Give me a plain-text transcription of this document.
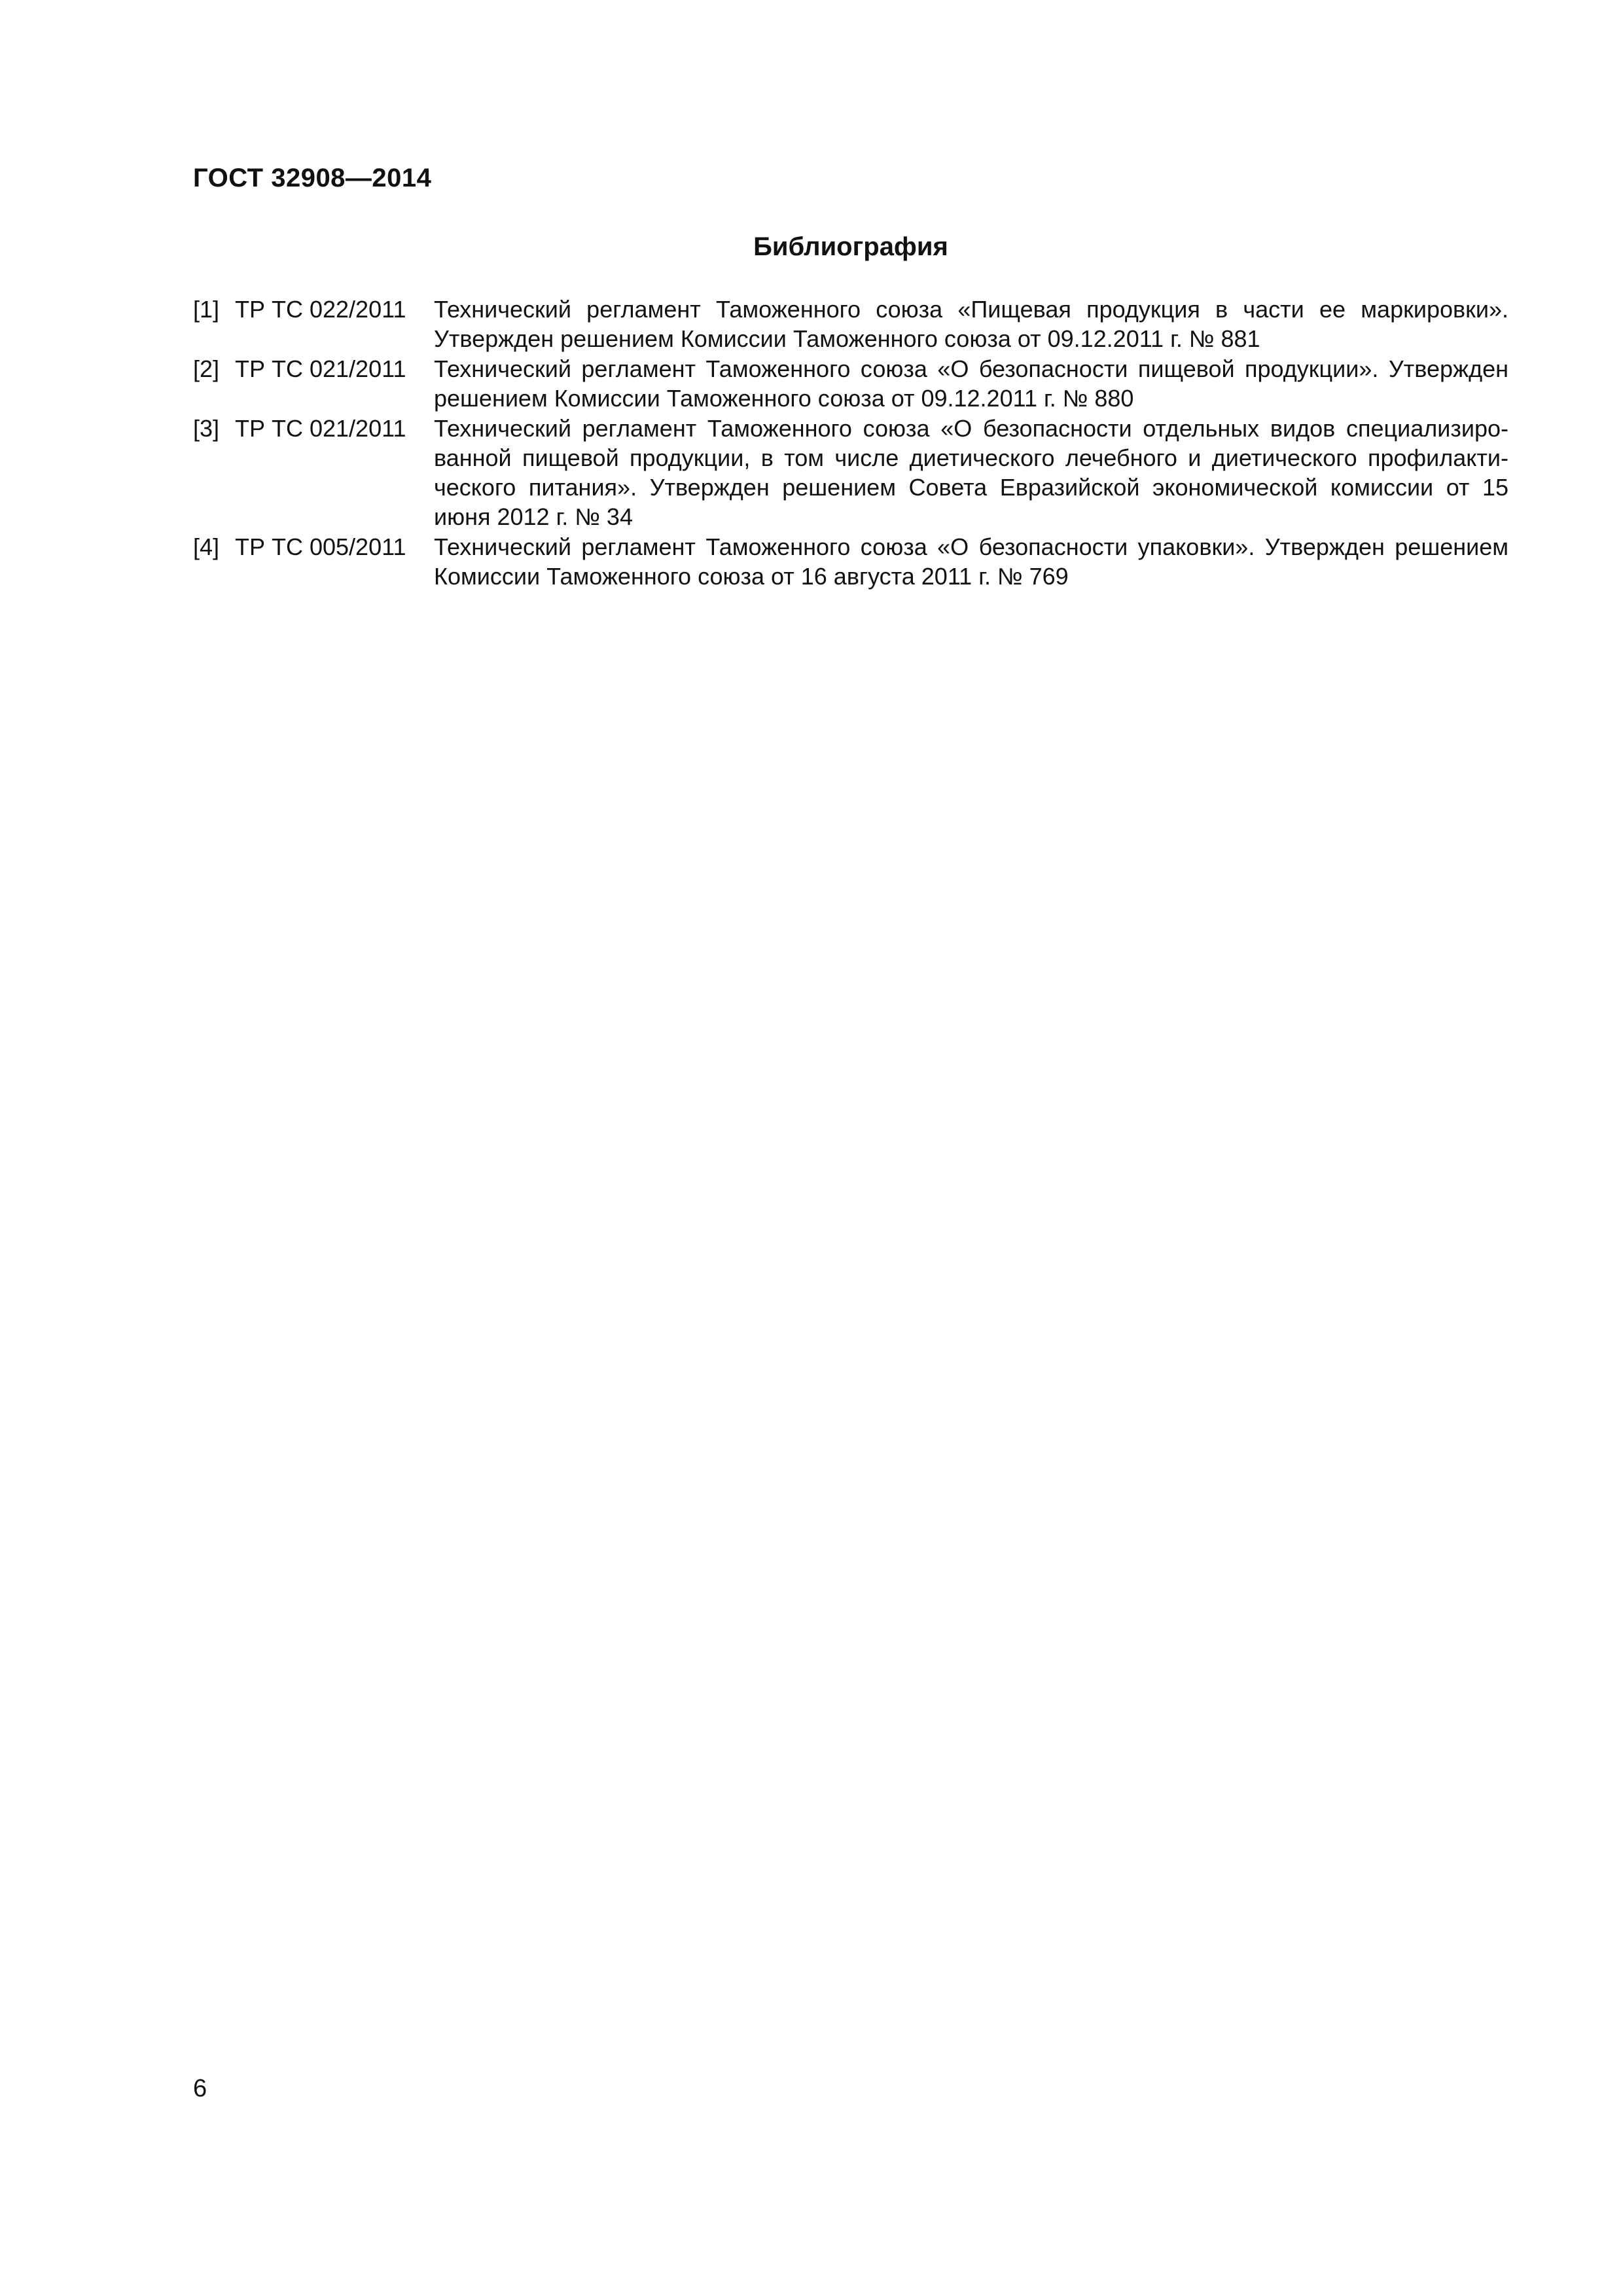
ГОСТ 32908—2014
Библиография
[1] ТР ТС 022/2011	Технический регламент Таможенного союза «Пищевая продукция в части ее маркировки». Утвержден решением Комиссии Таможенного союза от 09.12.2011 г. № 881
[2] ТР ТС 021/2011	Технический регламент Таможенного союза «О безопасности пищевой продукции». Утвержден решением Комиссии Таможенного союза от 09.12.2011 г. № 880
[3] ТР ТС 021/2011	Технический регламент Таможенного союза «О безопасности отдельных видов специализированной пищевой продукции, в том числе диетического лечебного и диетического профилактического питания». Утвержден решением Совета Евразийской экономической комиссии от 15 июня 2012 г. № 34
[4] ТР ТС 005/2011	Технический регламент Таможенного союза «О безопасности упаковки». Утвержден решением Комиссии Таможенного союза от 16 августа 2011 г. № 769
6
